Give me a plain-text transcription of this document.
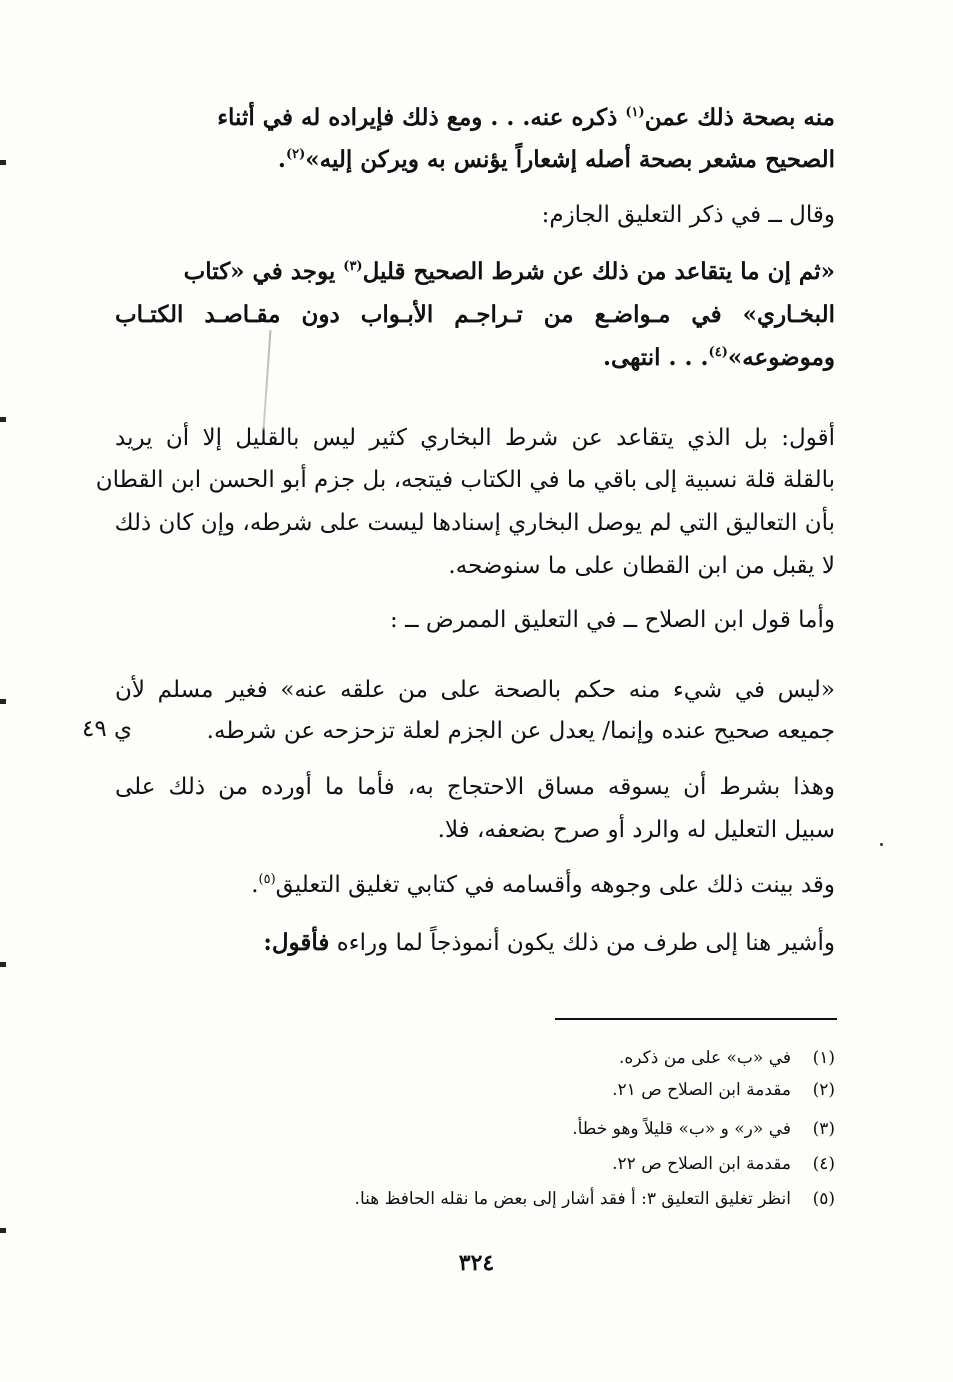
منه بصحة ذلك عمن$^{(١)}$ ذكره عنه. . . ومع ذلك فإيراده له في أثناء
الصحيح مشعر بصحة أصله إشعاراً يؤنس به ويركن إليه»$^{(٢)}$.
وقال ــ في ذكر التعليق الجازم:
«ثم إن ما يتقاعد من ذلك عن شرط الصحيح قليل$^{(٣)}$ يوجد في «كتاب
البخـاري» في مـواضـع من تـراجـم الأبـواب دون مقـاصـد الكتـاب
وموضوعه»$^{(٤)}$. . . انتهى.
أقول: بل الذي يتقاعد عن شرط البخاري كثير ليس بالقليل إلا أن يريد
بالقلة قلة نسبية إلى باقي ما في الكتاب فيتجه، بل جزم أبو الحسن ابن القطان
بأن التعاليق التي لم يوصل البخاري إسنادها ليست على شرطه، وإن كان ذلك
لا يقبل من ابن القطان على ما سنوضحه.
وأما قول ابن الصلاح ــ في التعليق الممرض ــ :
«ليس في شيء منه حكم بالصحة على من علقه عنه» فغير مسلم لأن
جميعه صحيح عنده وإنما/ يعدل عن الجزم لعلة تزحزحه عن شرطه.
ي ٤٩
وهذا بشرط أن يسوقه مساق الاحتجاج به، فأما ما أورده من ذلك على
سبيل التعليل له والرد أو صرح بضعفه، فلا.
وقد بينت ذلك على وجوهه وأقسامه في كتابي تغليق التعليق$^{(٥)}$.
وأشير هنا إلى طرف من ذلك يكون أنموذجاً لما وراءه فأقول:
(١)في «ب» على من ذكره.
(٢)مقدمة ابن الصلاح ص ٢١.
(٣)في «ر» و «ب» قليلاً وهو خطأ.
(٤)مقدمة ابن الصلاح ص ٢٢.
(٥)انظر تغليق التعليق ٣: أ فقد أشار إلى بعض ما نقله الحافظ هنا.
٣٢٤
